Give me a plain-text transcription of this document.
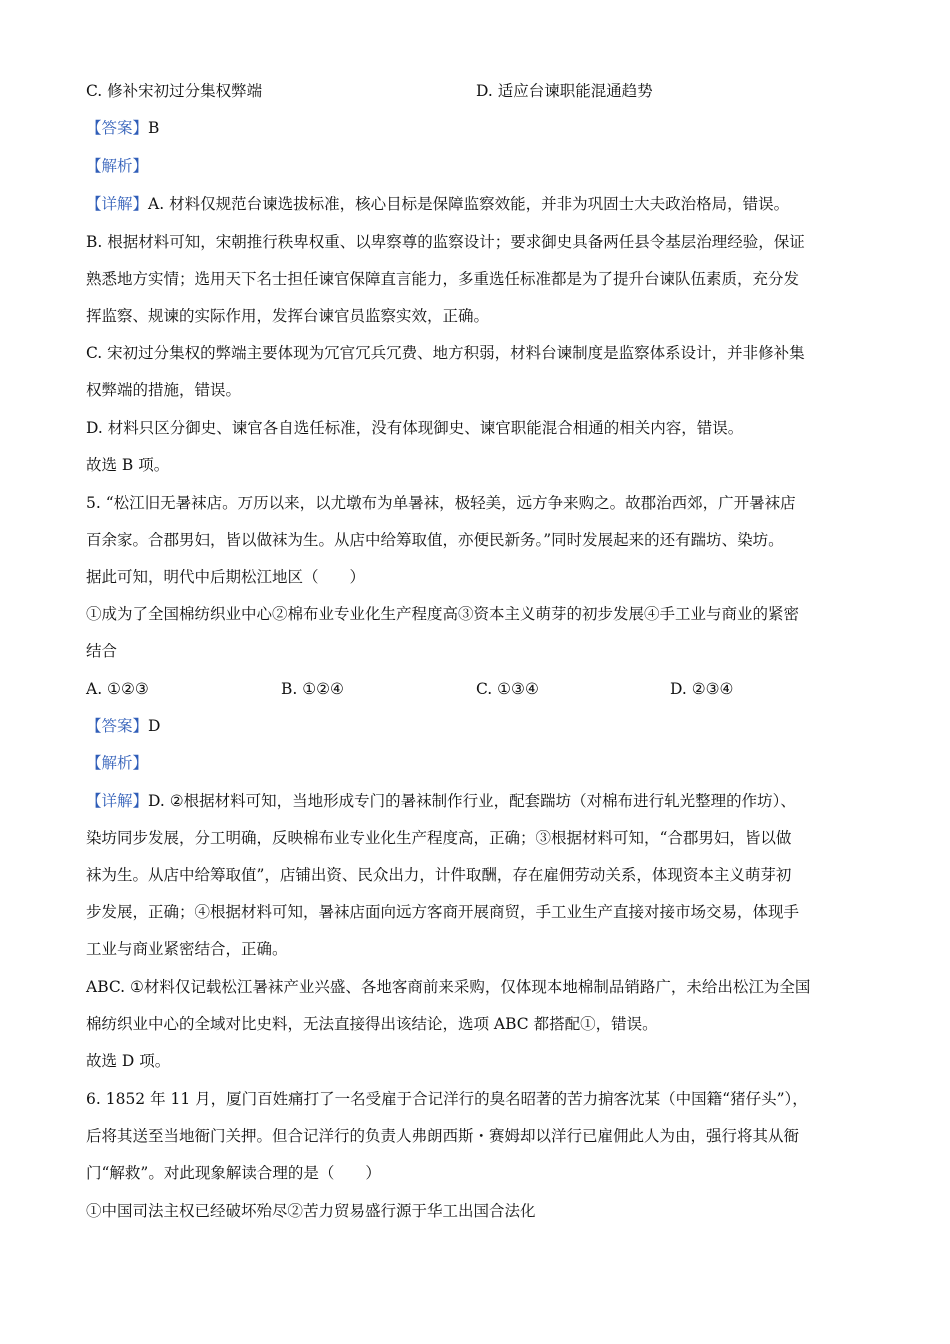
C. 修补宋初过分集权弊端	D. 适应台谏职能混通趋势
【答案】B
【解析】
【详解】A. 材料仅规范台谏选拔标准，核心目标是保障监察效能，并非为巩固士大夫政治格局，错误。
B. 根据材料可知，宋朝推行秩卑权重、以卑察尊的监察设计；要求御史具备两任县令基层治理经验，保证
熟悉地方实情；选用天下名士担任谏官保障直言能力，多重选任标准都是为了提升台谏队伍素质，充分发
挥监察、规谏的实际作用，发挥台谏官员监察实效，正确。
C. 宋初过分集权的弊端主要体现为冗官冗兵冗费、地方积弱，材料台谏制度是监察体系设计，并非修补集
权弊端的措施，错误。
D. 材料只区分御史、谏官各自选任标准，没有体现御史、谏官职能混合相通的相关内容，错误。
故选 B 项。
5. “松江旧无暑袜店。万历以来，以尤墩布为单暑袜，极轻美，远方争来购之。故郡治西郊，广开暑袜店
百余家。合郡男妇，皆以做袜为生。从店中给筹取值，亦便民新务。”同时发展起来的还有踹坊、染坊。
据此可知，明代中后期松江地区（　　）
①成为了全国棉纺织业中心②棉布业专业化生产程度高③资本主义萌芽的初步发展④手工业与商业的紧密
结合
A. ①②③	B. ①②④	C. ①③④	D. ②③④
【答案】D
【解析】
【详解】D. ②根据材料可知，当地形成专门的暑袜制作行业，配套踹坊（对棉布进行轧光整理的作坊）、
染坊同步发展，分工明确，反映棉布业专业化生产程度高，正确；③根据材料可知，“合郡男妇，皆以做
袜为生。从店中给筹取值”，店铺出资、民众出力，计件取酬，存在雇佣劳动关系，体现资本主义萌芽初
步发展，正确；④根据材料可知，暑袜店面向远方客商开展商贸，手工业生产直接对接市场交易，体现手
工业与商业紧密结合，正确。
ABC. ①材料仅记载松江暑袜产业兴盛、各地客商前来采购，仅体现本地棉制品销路广，未给出松江为全国
棉纺织业中心的全域对比史料，无法直接得出该结论，选项 ABC 都搭配①，错误。
故选 D 项。
6. 1852 年 11 月，厦门百姓痛打了一名受雇于合记洋行的臭名昭著的苦力掮客沈某（中国籍“猪仔头”），
后将其送至当地衙门关押。但合记洋行的负责人弗朗西斯・赛姆却以洋行已雇佣此人为由，强行将其从衙
门“解救”。对此现象解读合理的是（　　）
①中国司法主权已经破坏殆尽②苦力贸易盛行源于华工出国合法化
